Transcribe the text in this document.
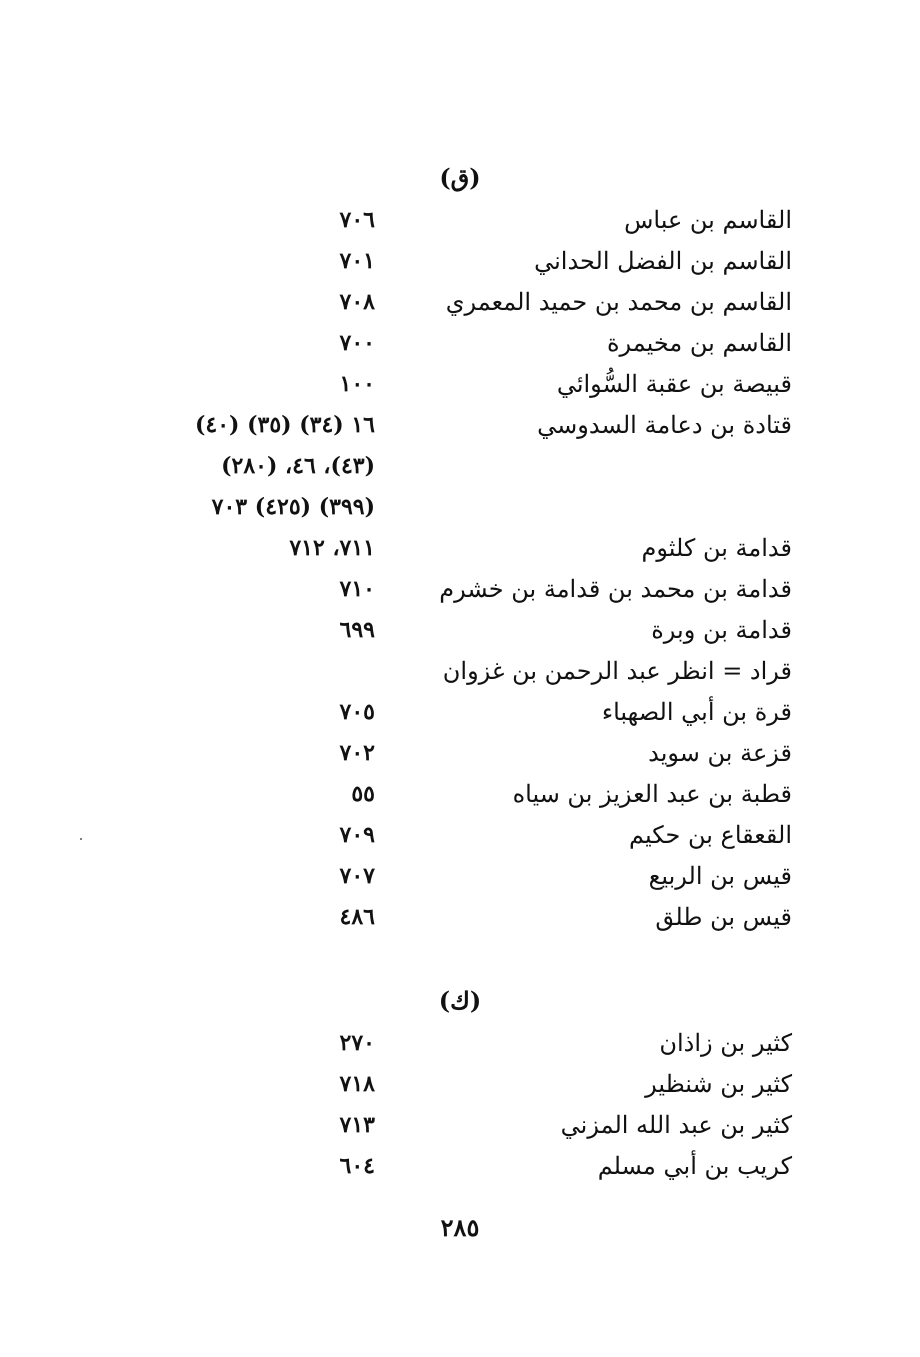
(ق)
القاسم بن عباس
٧٠٦
القاسم بن الفضل الحداني
٧٠١
القاسم بن محمد بن حميد المعمري
٧٠٨
القاسم بن مخيمرة
٧٠٠
قبيصة بن عقبة السُّوائي
١٠٠
قتادة بن دعامة السدوسي
١٦ (٣٤) (٣٥) (٤٠)
(٤٣)، ٤٦، (٢٨٠)
(٣٩٩) (٤٢٥) ٧٠٣
قدامة بن كلثوم
٧١١، ٧١٢
قدامة بن محمد بن قدامة بن خشرم
٧١٠
قدامة بن وبرة
٦٩٩
قراد = انظر عبد الرحمن بن غزوان
قرة بن أبي الصهباء
٧٠٥
قزعة بن سويد
٧٠٢
قطبة بن عبد العزيز بن سياه
٥٥
القعقاع بن حكيم
٧٠٩
قيس بن الربيع
٧٠٧
قيس بن طلق
٤٨٦
(ك)
كثير بن زاذان
٢٧٠
كثير بن شنظير
٧١٨
كثير بن عبد الله المزني
٧١٣
كريب بن أبي مسلم
٦٠٤
٢٨٥
